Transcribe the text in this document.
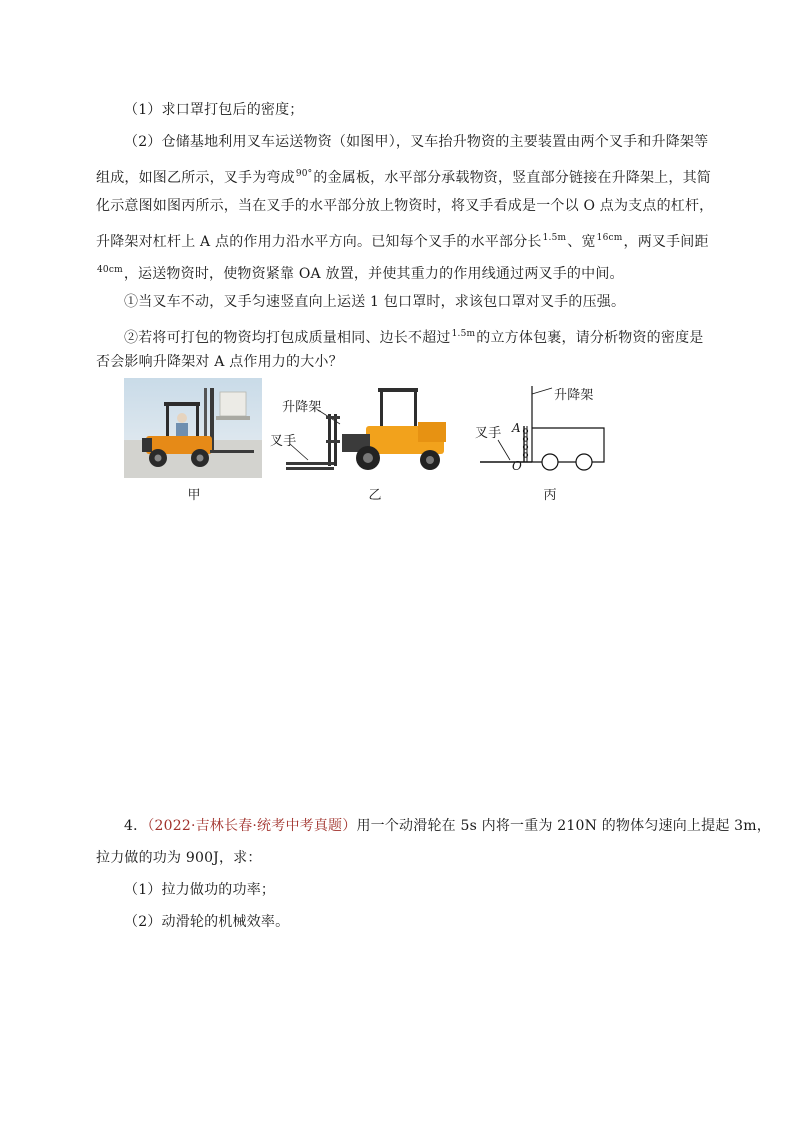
（1）求口罩打包后的密度；
（2）仓储基地利用叉车运送物资（如图甲），叉车抬升物资的主要装置由两个叉手和升降架等
组成，如图乙所示，叉手为弯成$^{90^\circ}$的金属板，水平部分承载物资，竖直部分链接在升降架上，其简
化示意图如图丙所示，当在叉手的水平部分放上物资时，将叉手看成是一个以 O 点为支点的杠杆，
升降架对杠杆上 A 点的作用力沿水平方向。已知每个叉手的水平部分长$^{1.5m}$、宽$^{16cm}$，两叉手间距
$^{40cm}$，运送物资时，使物资紧靠 OA 放置，并使其重力的作用线通过两叉手的中间。
①当叉车不动，叉手匀速竖直向上运送 1 包口罩时，求该包口罩对叉手的压强。
②若将可打包的物资均打包成质量相同、边长不超过$^{1.5m}$的立方体包裹，请分析物资的密度是
否会影响升降架对 A 点作用力的大小？
甲
升降架
叉手
乙
升降架
叉手 A
O
丙
4．（2022·吉林长春·统考中考真题）用一个动滑轮在 5s 内将一重为 210N 的物体匀速向上提起 3m，
拉力做的功为 900J，求：
（1）拉力做功的功率；
（2）动滑轮的机械效率。
